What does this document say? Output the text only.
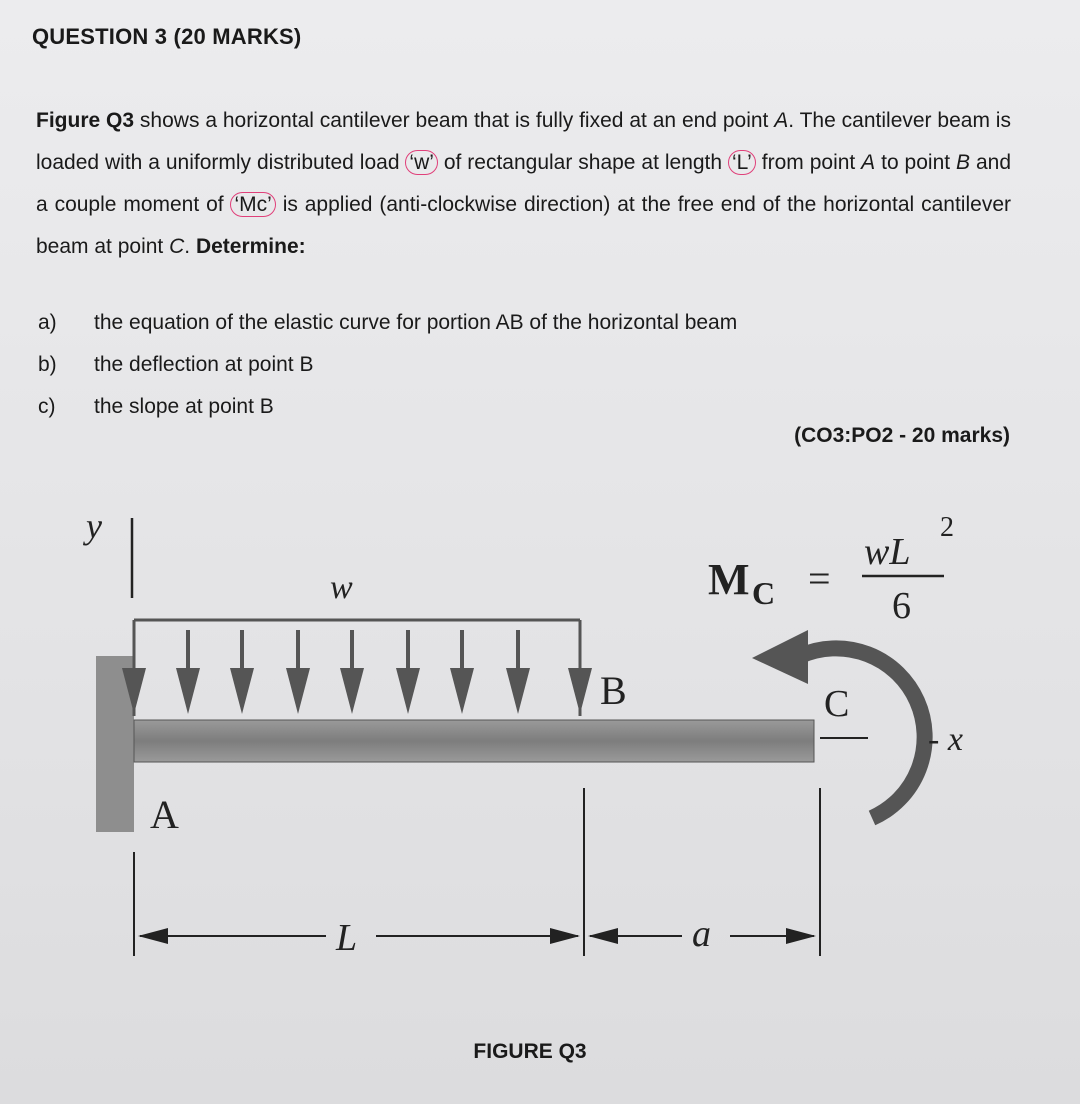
QUESTION 3 (20 MARKS)
Figure Q3 shows a horizontal cantilever beam that is fully fixed at an end point A. The cantilever beam is loaded with a uniformly distributed load ‘w’ of rectangular shape at length ‘L’ from point A to point B and a couple moment of ‘Mc’ is applied (anti-clockwise direction) at the free end of the horizontal cantilever beam at point C. Determine:
a)	the equation of the elastic curve for portion AB of the horizontal beam
b)	the deflection at point B
c)	the slope at point B
(CO3:PO2 - 20 marks)
y
w
B
A
C
M C =
wL
2
6
- x
L	a
FIGURE Q3
